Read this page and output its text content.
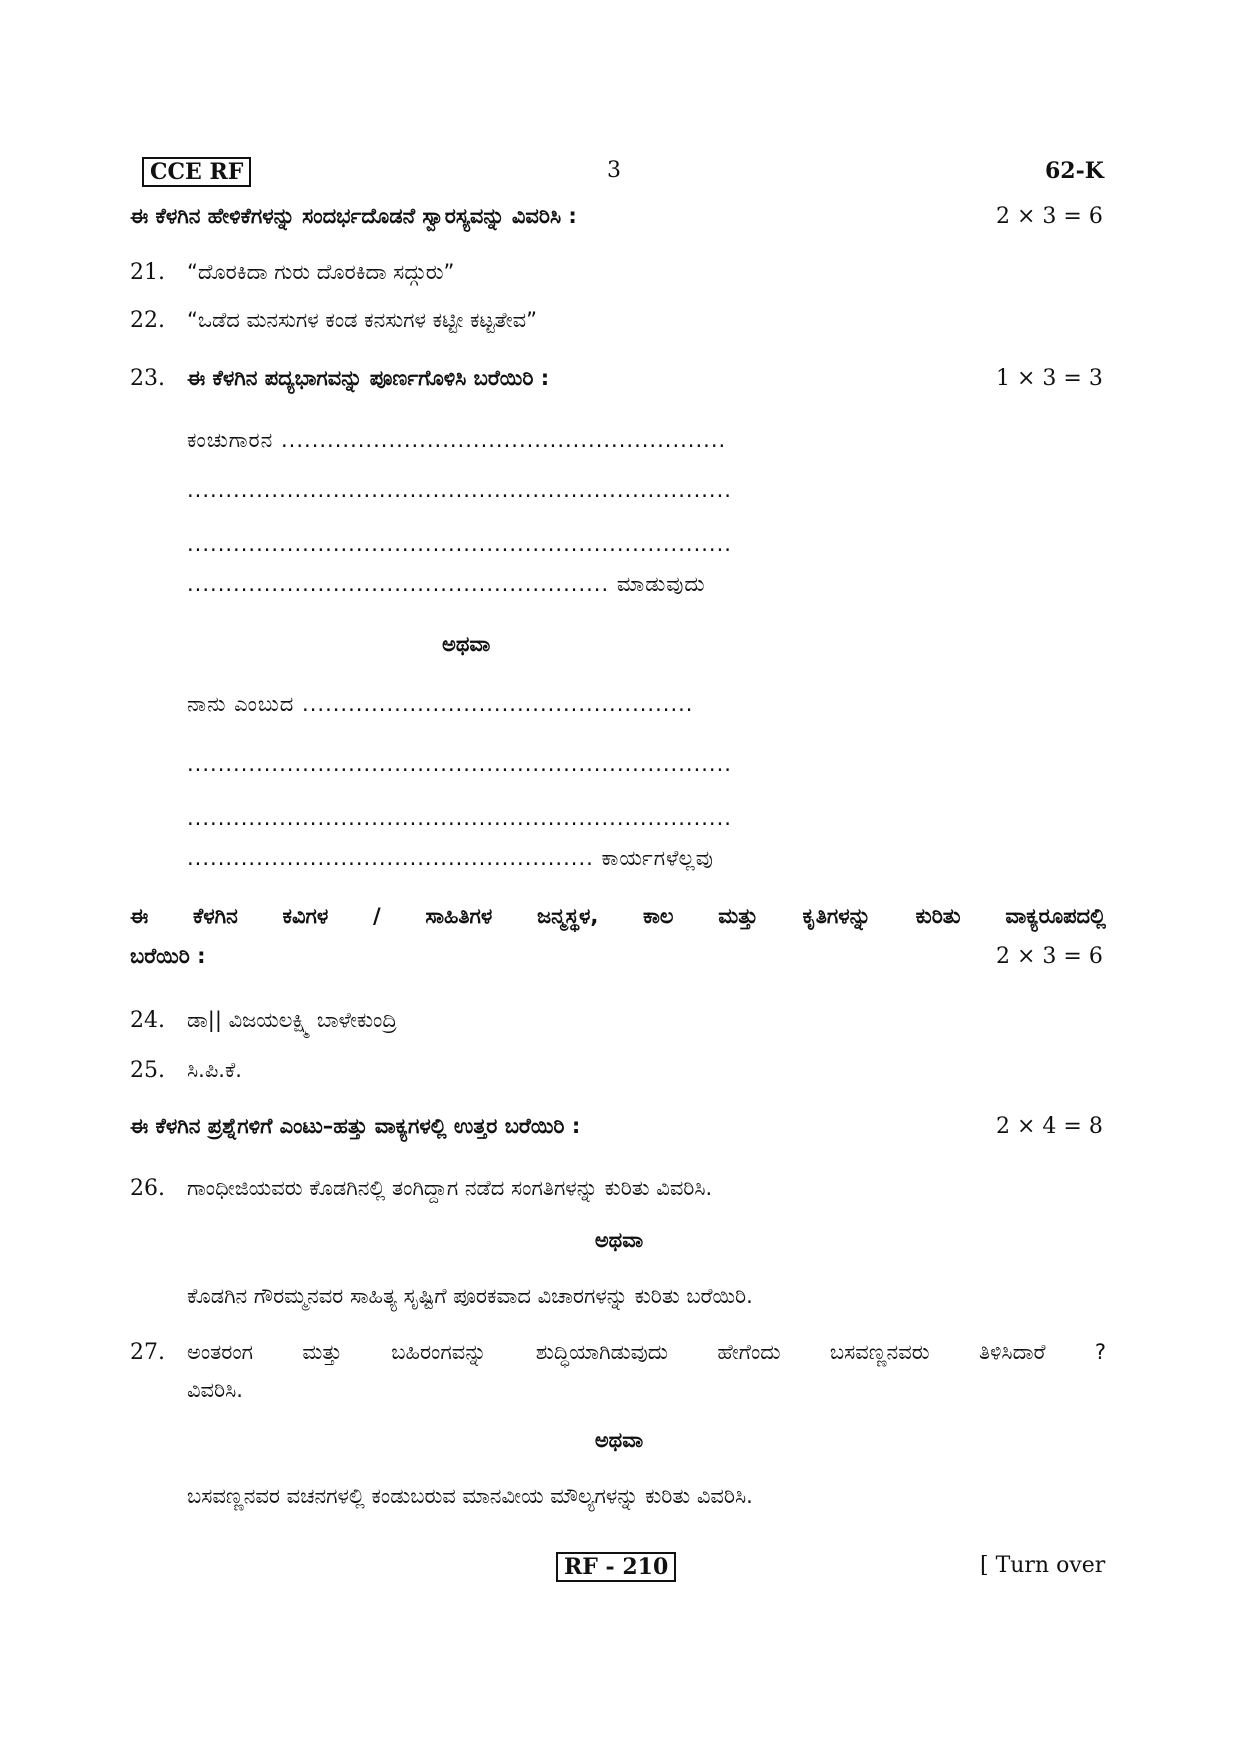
CCE RF	3	62-K
ಈ ಕೆಳಗಿನ ಹೇಳಿಕೆಗಳನ್ನು ಸಂದರ್ಭದೊಡನೆ ಸ್ವಾರಸ್ಯವನ್ನು ವಿವರಿಸಿ :	2 × 3 = 6
21. “ದೊರಕಿದಾ ಗುರು ದೊರಕಿದಾ ಸದ್ಗುರು”
22. “ಒಡೆದ ಮನಸುಗಳ ಕಂಡ ಕನಸುಗಳ ಕಟ್ಟೀ ಕಟ್ಟತೇವ”
23. ಈ ಕೆಳಗಿನ ಪದ್ಯಭಾಗವನ್ನು ಪೂರ್ಣಗೊಳಿಸಿ ಬರೆಯಿರಿ :	1 × 3 = 3
ಕಂಚುಗಾರನ ..........................................................
.......................................................................
.......................................................................
....................................................... ಮಾಡುವುದು
ಅಥವಾ
ನಾನು ಎಂಬುದ ...................................................
.......................................................................
.......................................................................
..................................................... ಕಾರ್ಯಗಳೆಲ್ಲವು
ಈ ಕೆಳಗಿನ ಕವಿಗಳ / ಸಾಹಿತಿಗಳ ಜನ್ಮಸ್ಥಳ, ಕಾಲ ಮತ್ತು ಕೃತಿಗಳನ್ನು ಕುರಿತು ವಾಕ್ಯರೂಪದಲ್ಲಿ
ಬರೆಯಿರಿ :	2 × 3 = 6
24. ಡಾ|| ವಿಜಯಲಕ್ಷ್ಮಿ ಬಾಳೇಕುಂದ್ರಿ
25. ಸಿ.ಪಿ.ಕೆ.
ಈ ಕೆಳಗಿನ ಪ್ರಶ್ನೆಗಳಿಗೆ ಎಂಟು–ಹತ್ತು ವಾಕ್ಯಗಳಲ್ಲಿ ಉತ್ತರ ಬರೆಯಿರಿ :	2 × 4 = 8
26. ಗಾಂಧೀಜಿಯವರು ಕೊಡಗಿನಲ್ಲಿ ತಂಗಿದ್ದಾಗ ನಡೆದ ಸಂಗತಿಗಳನ್ನು ಕುರಿತು ವಿವರಿಸಿ.
ಅಥವಾ
ಕೊಡಗಿನ ಗೌರಮ್ಮನವರ ಸಾಹಿತ್ಯ ಸೃಷ್ಟಿಗೆ ಪೂರಕವಾದ ವಿಚಾರಗಳನ್ನು ಕುರಿತು ಬರೆಯಿರಿ.
27. ಅಂತರಂಗ ಮತ್ತು ಬಹಿರಂಗವನ್ನು ಶುದ್ಧಿಯಾಗಿಡುವುದು ಹೇಗೆಂದು ಬಸವಣ್ಣನವರು ತಿಳಿಸಿದಾರೆ ?
ವಿವರಿಸಿ.
ಅಥವಾ
ಬಸವಣ್ಣನವರ ವಚನಗಳಲ್ಲಿ ಕಂಡುಬರುವ ಮಾನವೀಯ ಮೌಲ್ಯಗಳನ್ನು ಕುರಿತು ವಿವರಿಸಿ.
RF - 210	[ Turn over
